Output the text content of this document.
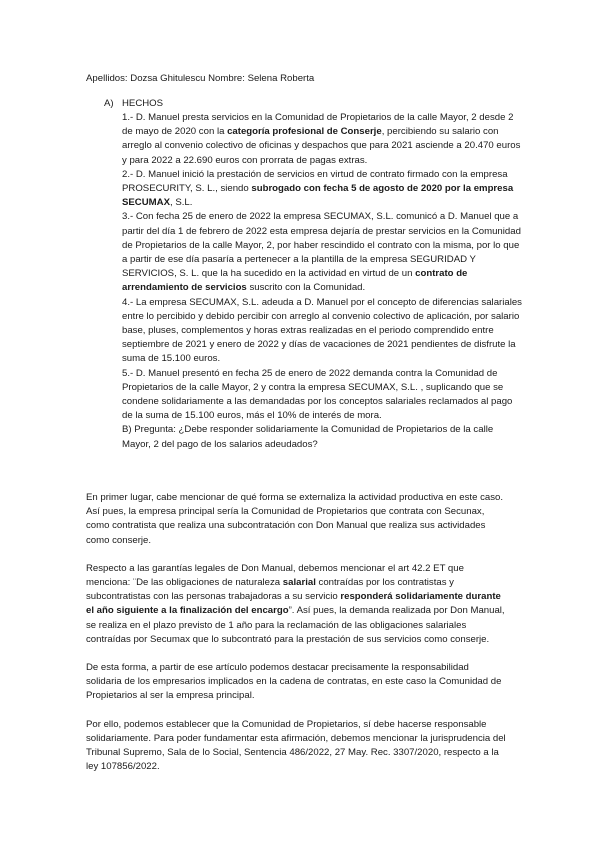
Apellidos: Dozsa Ghitulescu Nombre: Selena Roberta
A) HECHOS

1.- D. Manuel presta servicios en la Comunidad de Propietarios de la calle Mayor, 2 desde 2 de mayo de 2020 con la categoría profesional de Conserje, percibiendo su salario con arreglo al convenio colectivo de oficinas y despachos que para 2021 asciende a 20.470 euros y para 2022 a 22.690 euros con prorrata de pagas extras.

2.- D. Manuel inició la prestación de servicios en virtud de contrato firmado con la empresa PROSECURITY, S. L., siendo subrogado con fecha 5 de agosto de 2020 por la empresa SECUMAX, S.L.

3.- Con fecha 25 de enero de 2022 la empresa SECUMAX, S.L. comunicó a D. Manuel que a partir del día 1 de febrero de 2022 esta empresa dejaría de prestar servicios en la Comunidad de Propietarios de la calle Mayor, 2, por haber rescindido el contrato con la misma, por lo que a partir de ese día pasaría a pertenecer a la plantilla de la empresa SEGURIDAD Y SERVICIOS, S. L. que la ha sucedido en la actividad en virtud de un contrato de arrendamiento de servicios suscrito con la Comunidad.

4.- La empresa SECUMAX, S.L. adeuda a D. Manuel por el concepto de diferencias salariales entre lo percibido y debido percibir con arreglo al convenio colectivo de aplicación, por salario base, pluses, complementos y horas extras realizadas en el periodo comprendido entre septiembre de 2021 y enero de 2022 y días de vacaciones de 2021 pendientes de disfrute la suma de 15.100 euros.

5.- D. Manuel presentó en fecha 25 de enero de 2022 demanda contra la Comunidad de Propietarios de la calle Mayor, 2 y contra la empresa SECUMAX, S.L. , suplicando que se condene solidariamente a las demandadas por los conceptos salariales reclamados al pago de la suma de 15.100 euros, más el 10% de interés de mora.

B) Pregunta: ¿Debe responder solidariamente la Comunidad de Propietarios de la calle Mayor, 2 del pago de los salarios adeudados?

En primer lugar, cabe mencionar de qué forma se externaliza la actividad productiva en este caso. Así pues, la empresa principal sería la Comunidad de Propietarios que contrata con Secunax, como contratista que realiza una subcontratación con Don Manual que realiza sus actividades como conserje.

Respecto a las garantías legales de Don Manual, debemos mencionar el art 42.2 ET que menciona: ¨De las obligaciones de naturaleza salarial contraídas por los contratistas y subcontratistas con las personas trabajadoras a su servicio responderá solidariamente durante el año siguiente a la finalización del encargo”. Así pues, la demanda realizada por Don Manual, se realiza en el plazo previsto de 1 año para la reclamación de las obligaciones salariales contraídas por Secumax que lo subcontrató para la prestación de sus servicios como conserje.

De esta forma, a partir de ese artículo podemos destacar precisamente la responsabilidad solidaria de los empresarios implicados en la cadena de contratas, en este caso la Comunidad de Propietarios al ser la empresa principal.

Por ello, podemos establecer que la Comunidad de Propietarios, sí debe hacerse responsable solidariamente. Para poder fundamentar esta afirmación, debemos mencionar la jurisprudencia del Tribunal Supremo, Sala de lo Social, Sentencia 486/2022, 27 May. Rec. 3307/2020, respecto a la ley 107856/2022.
